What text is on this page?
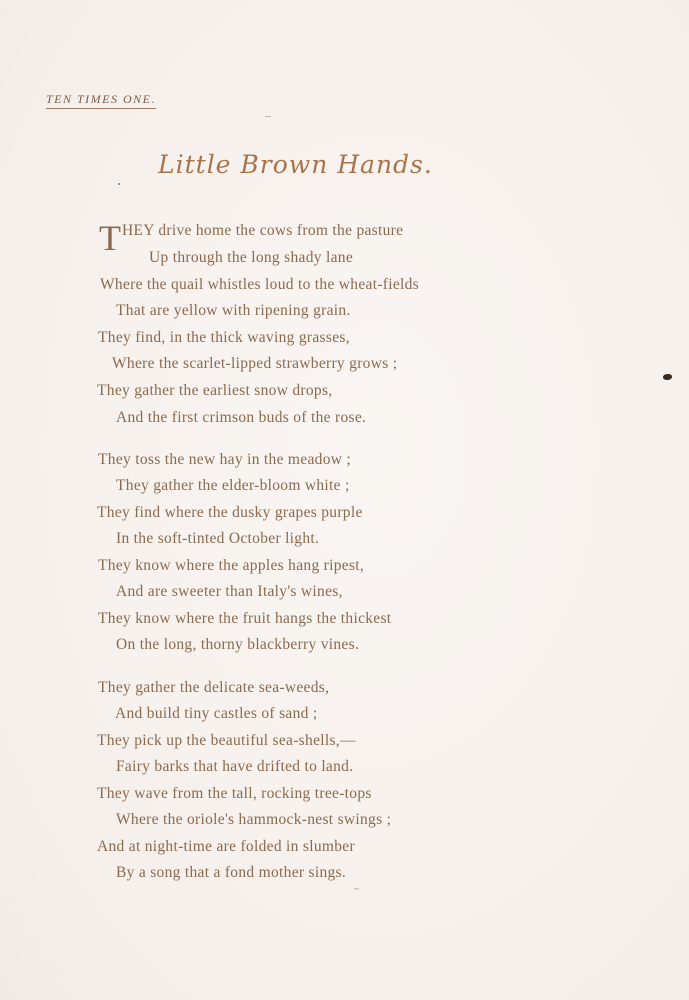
TEN TIMES ONE.
Little Brown Hands.
T HEY drive home the cows from the pasture
Up through the long shady lane
Where the quail whistles loud to the wheat-fields
That are yellow with ripening grain.
They find, in the thick waving grasses,
Where the scarlet-lipped strawberry grows ;
They gather the earliest snow drops,
And the first crimson buds of the rose.
They toss the new hay in the meadow ;
They gather the elder-bloom white ;
They find where the dusky grapes purple
In the soft-tinted October light.
They know where the apples hang ripest,
And are sweeter than Italy's wines,
They know where the fruit hangs the thickest
On the long, thorny blackberry vines.
They gather the delicate sea-weeds,
And build tiny castles of sand ;
They pick up the beautiful sea-shells,—
Fairy barks that have drifted to land.
They wave from the tall, rocking tree-tops
Where the oriole's hammock-nest swings ;
And at night-time are folded in slumber
By a song that a fond mother sings.
~
